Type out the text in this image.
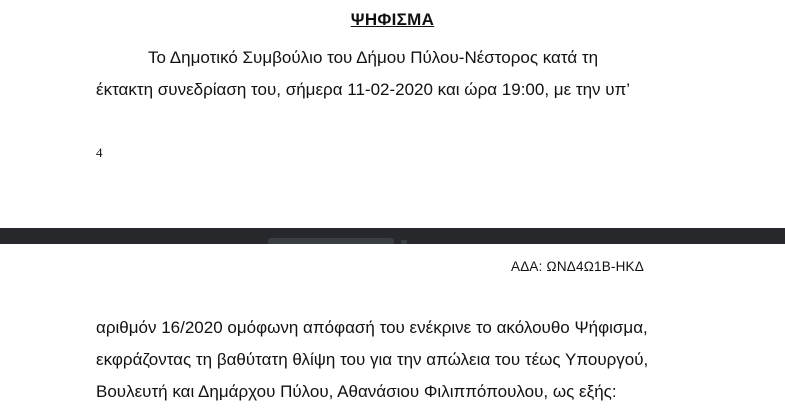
ΨΗΦΙΣΜΑ
Το Δημοτικό Συμβούλιο του Δήμου Πύλου-Νέστορος κατά τη
έκτακτη συνεδρίαση του, σήμερα 11-02-2020 και ώρα 19:00, με την υπ’
4
ΑΔΑ: ΩΝΔ4Ω1Β-ΗΚΔ
αριθμόν 16/2020 ομόφωνη απόφασή του ενέκρινε το ακόλουθο Ψήφισμα,
εκφράζοντας τη βαθύτατη θλίψη του για την απώλεια του τέως Υπουργού,
Βουλευτή και Δημάρχου Πύλου, Αθανάσιου Φιλιππόπουλου, ως εξής:
